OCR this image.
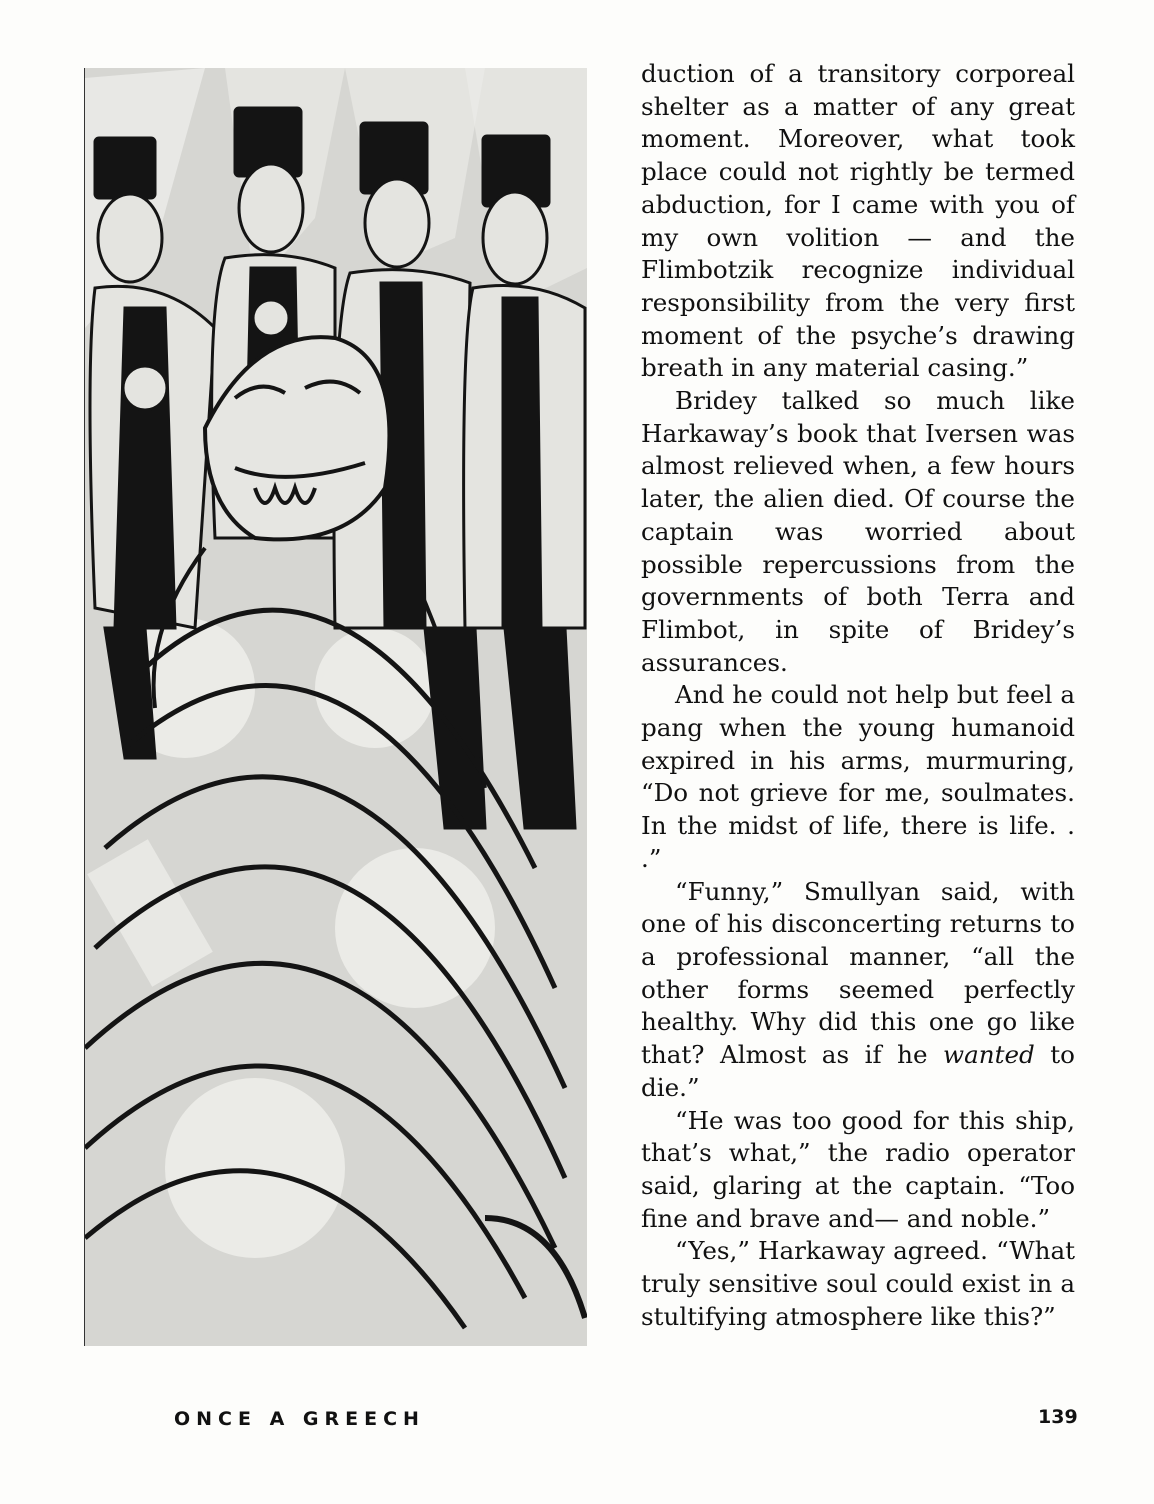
duction of a transitory corporeal shelter as a matter of any great moment. Moreover, what took place could not rightly be termed abduction, for I came with you of my own volition — and the Flimbotzik recognize individual responsibility from the very first moment of the psyche’s drawing breath in any material casing.”

Bridey talked so much like Harkaway’s book that Iversen was almost relieved when, a few hours later, the alien died. Of course the captain was worried about possible repercussions from the governments of both Terra and Flimbot, in spite of Bridey’s assurances.

And he could not help but feel a pang when the young humanoid expired in his arms, murmuring, “Do not grieve for me, soulmates. In the midst of life, there is life. . .”

“Funny,” Smullyan said, with one of his disconcerting returns to a professional manner, “all the other forms seemed perfectly healthy. Why did this one go like that? Almost as if he wanted to die.”

“He was too good for this ship, that’s what,” the radio operator said, glaring at the captain. “Too fine and brave and— and noble.”

“Yes,” Harkaway agreed. “What truly sensitive soul could exist in a stultifying atmosphere like this?”

ONCE A GREECH	139
